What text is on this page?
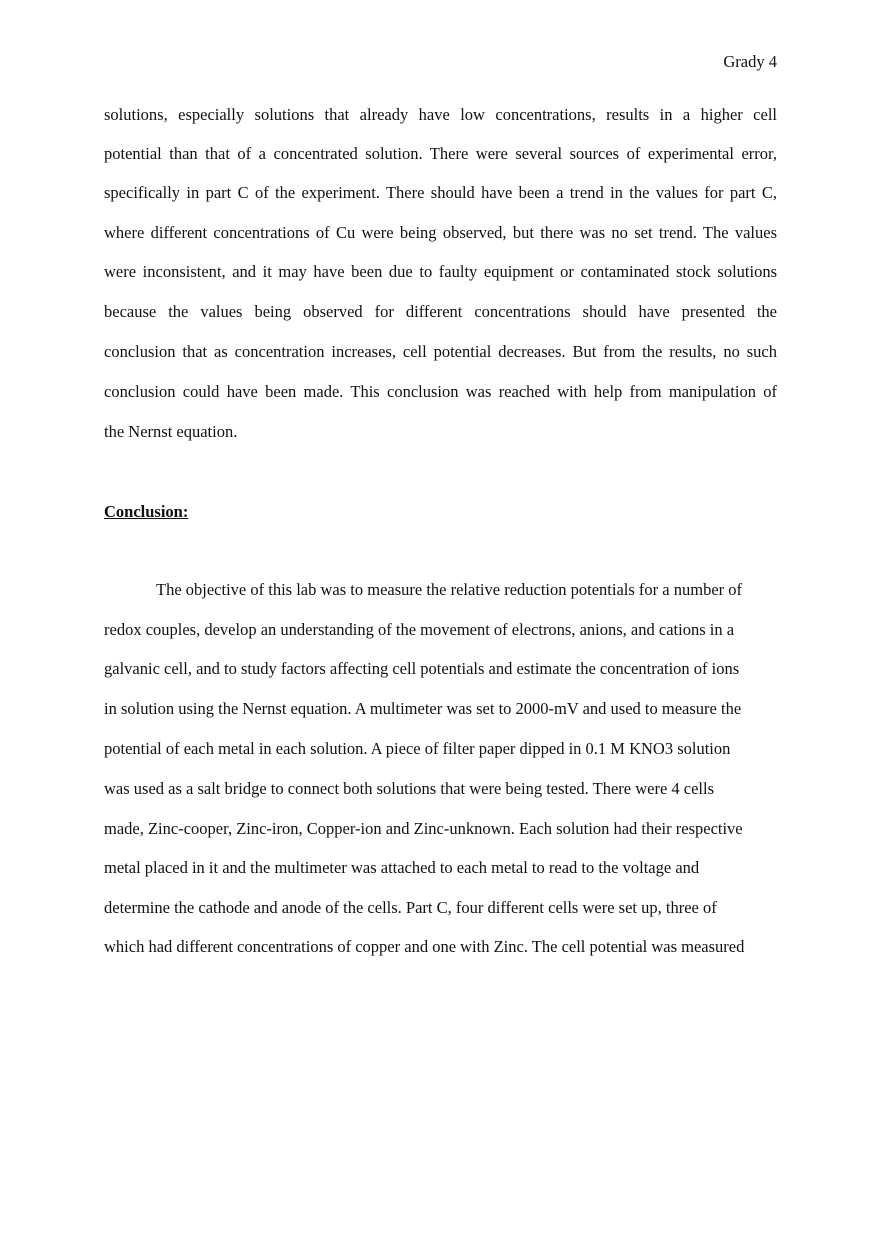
Grady 4
solutions, especially solutions that already have low concentrations, results in a higher cell
potential than that of a concentrated solution. There were several sources of experimental error,
specifically in part C of the experiment. There should have been a trend in the values for part C,
where different concentrations of Cu were being observed, but there was no set trend. The values
were inconsistent, and it may have been due to faulty equipment or contaminated stock solutions
because the values being observed for different concentrations should have presented the
conclusion that as concentration increases, cell potential decreases. But from the results, no such
conclusion could have been made. This conclusion was reached with help from manipulation of
the Nernst equation.
Conclusion:
The objective of this lab was to measure the relative reduction potentials for a number of
redox couples, develop an understanding of the movement of electrons, anions, and cations in a
galvanic cell, and to study factors affecting cell potentials and estimate the concentration of ions
in solution using the Nernst equation. A multimeter was set to 2000-mV and used to measure the
potential of each metal in each solution. A piece of filter paper dipped in 0.1 M KNO3 solution
was used as a salt bridge to connect both solutions that were being tested. There were 4 cells
made, Zinc-cooper, Zinc-iron, Copper-ion and Zinc-unknown. Each solution had their respective
metal placed in it and the multimeter was attached to each metal to read to the voltage and
determine the cathode and anode of the cells. Part C, four different cells were set up, three of
which had different concentrations of copper and one with Zinc. The cell potential was measured
